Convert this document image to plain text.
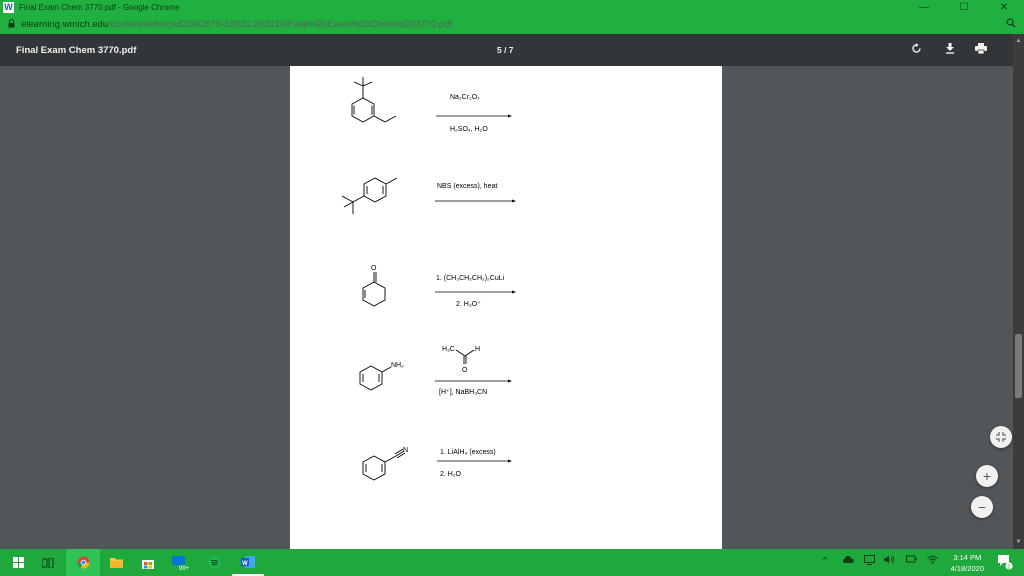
W Final Exam Chem 3770.pdf - Google Chrome	—	☐	✕
elearning.wmich.edu /content/enforced2/392679-10830.202010/Final%20Exam%20Chem%203770.pdf
Final Exam Chem 3770.pdf	5 / 7
Na₂Cr₂O₇
H₂SO₄, H₂O
NBS (excess), heat
O
1. (CH₃CH₂CH₂)₂CuLi
2. H₃O⁺
NH₂
H₃C	H
O
[H⁺], NaBH₃CN
N	1. LiAlH₄ (excess)
2. H₂O
▲
▼
+
−
99+
W	^	3:14 PM
4/18/2020	2
